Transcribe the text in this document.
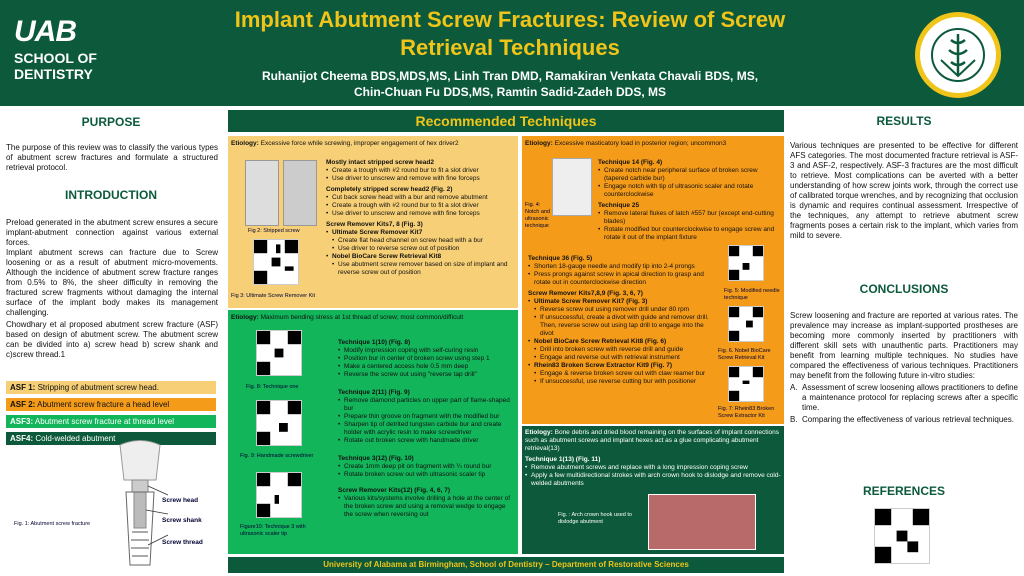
UAB
SCHOOL OF
DENTISTRY
Implant Abutment Screw Fractures: Review of Screw Retrieval Techniques
Ruhanijot Cheema BDS,MDS,MS, Linh Tran DMD, Ramakiran Venkata Chavali BDS, MS,
Chin-Chuan Fu DDS,MS, Ramtin Sadid-Zadeh DDS, MS
PURPOSE
The purpose of this review was to classify the various types of abutment screw fractures and formulate a structured retrieval protocol.
INTRODUCTION
Preload generated in the abutment screw ensures a secure implant-abutment connection against various external forces.
Implant abutment screws can fracture due to Screw loosening or as a result of abutment micro-movements. Although the incidence of abutment screw fracture ranges from 0.5% to 8%, the sheer difficulty in removing the fractured screw fragments without damaging the internal surface of the implant body makes its management challenging.
Chowdhary et al proposed abutment screw fracture (ASF) based on design of abutment screw. The abutment screw can be divided into a) screw head b) screw shank and c)screw thread.1
ASF 1: Stripping of abutment screw head.
ASF 2: Abutment screw fracture a head level
ASF3: Abutment screw fracture at thread level
ASF4: Cold-welded abutment
Screw head
Screw shank
Screw thread
Fig. 1: Abutment screw fracture
Recommended Techniques
Etiology: Excessive force while screwing, improper engagement of hex driver2
Fig 2: Stripped screw
Fig 3: Ultimate Screw Remover Kit
Mostly intact stripped screw head2
• Create a trough with #2 round bur to fit a slot driver
• Use driver to unscrew and remove with fine forceps
Completely stripped screw head2 (Fig. 2)
• Cut back screw head with a bur and remove abutment
• Create a trough with #2 round bur to fit a slot driver
• Use driver to unscrew and remove with fine forceps
Screw Remover Kits7, 8 (Fig. 3)
• Ultimate Screw Remover Kit7
• Create flat head channel on screw head with a bur
• Use driver to reverse screw out of position
• Nobel BioCare Screw Retrieval Kit8
• Use abutment screw remover based on size of implant and reverse screw out of position
Etiology: Excessive masticatory load in posterior region; uncommon3
Fig. 4: Notch and ultrasonic technique
Technique 14 (Fig. 4)
• Create notch near peripheral surface of broken screw (tapered carbide bur)
• Engage notch with tip of ultrasonic scaler and rotate counterclockwise
Technique 25
• Remove lateral flukes of latch #557 bur (except end-cutting blades)
• Rotate modified bur counterclockwise to engage screw and rotate it out of the implant fixture
Technique 36 (Fig. 5)
• Shorten 18-gauge needle and modify tip into 2-4 prongs
• Press prongs against screw in apical direction to grasp and rotate out in counterclockwise direction
Screw Remover Kits7,8,9 (Fig. 3, 6, 7)
• Ultimate Screw Remover Kit7 (Fig. 3)
• Reverse screw out using remover drill under 80 rpm
• If unsuccessful, create a divot with guide and remover drill. Then, reverse screw out using tap drill to engage into the divot
• Nobel BioCare Screw Retrieval Kit8 (Fig. 6)
• Drill into broken screw with reverse drill and guide
• Engage and reverse out with retrieval instrument
• Rhein83 Broken Screw Extractor Kit9 (Fig. 7)
• Engage & reverse broken screw out with claw reamer bur
• If unsuccessful, use reverse cutting bur with positioner
Fig. 5: Modified needle technique
Fig. 6. Nobel BioCare Screw Retrieval Kit
Fig. 7: Rhein83 Broken Screw Extractor Kit
Etiology: Maximum bending stress at 1st thread of screw; most common/difficult
Fig. 8: Technique one
Fig. 9: Handmade screwdriver
Figure10: Technique 3 with ultrasonic scaler tip
Technique 1(10) (Fig. 8)
• Modify impression coping with self-curing resin
• Position bur in center of broken screw using step 1
• Make a centered access hole 0.5 mm deep
• Reverse the screw out using "reverse tap drill"
Technique 2(11) (Fig. 9)
• Remove diamond particles on upper part of flame-shaped bur
• Prepare thin groove on fragment with the modified bur
• Sharpen tip of detrited tungsten carbide bur and create holder with acrylic resin to make screwdriver
• Rotate out broken screw with handmade driver
Technique 3(12) (Fig. 10)
• Create 1mm deep pit on fragment with ¼ round bur
• Rotate broken screw out with ultrasonic scaler tip
Screw Remover Kits(12) (Fig. 4, 6, 7)
• Various kits/systems involve drilling a hole at the center of the broken screw and using a removal wedge to engage the screw when reversing out
Etiology: Bone debris and dried blood remaining on the surfaces of implant connections such as abutment screws and implant hexes act as a glue complicating abutment retrieval(13)
Technique 1(13) (Fig. 11)
• Remove abutment screws and replace with a long impression coping screw
• Apply a few multidirectional strokes with arch crown hook to dislodge and remove cold-welded abutments
Fig. : Arch crown hook used to dislodge abutment
RESULTS
Various techniques are presented to be effective for different AFS categories. The most documented fracture retrieval is ASF-3 and ASF-2, respectively. ASF-3 fractures are the most difficult to retrieve. Most complications can be averted with a better understanding of how screw joints work, through the correct use of calibrated torque wrenches, and by recognizing that occlusion is dynamic and requires continual assessment. Irrespective of the techniques, any attempt to retrieve abutment screw fragments poses a certain risk to the implant, which varies from mild to severe.
CONCLUSIONS
Screw loosening and fracture are reported at various rates. The prevalence may increase as implant-supported prostheses are becoming more commonly inserted by practitioners with different skill sets with unauthentic parts. Practitioners may benefit from learning multiple techniques. No studies have compared the effectiveness of various techniques. Practitioners may benefit from the following future in-vitro studies:
A. Assessment of screw loosening allows practitioners to define a maintenance protocol for replacing screws after a specific time.
B. Comparing the effectiveness of various retrieval techniques.
REFERENCES
University of Alabama at Birmingham, School of Dentistry – Department of Restorative Sciences
